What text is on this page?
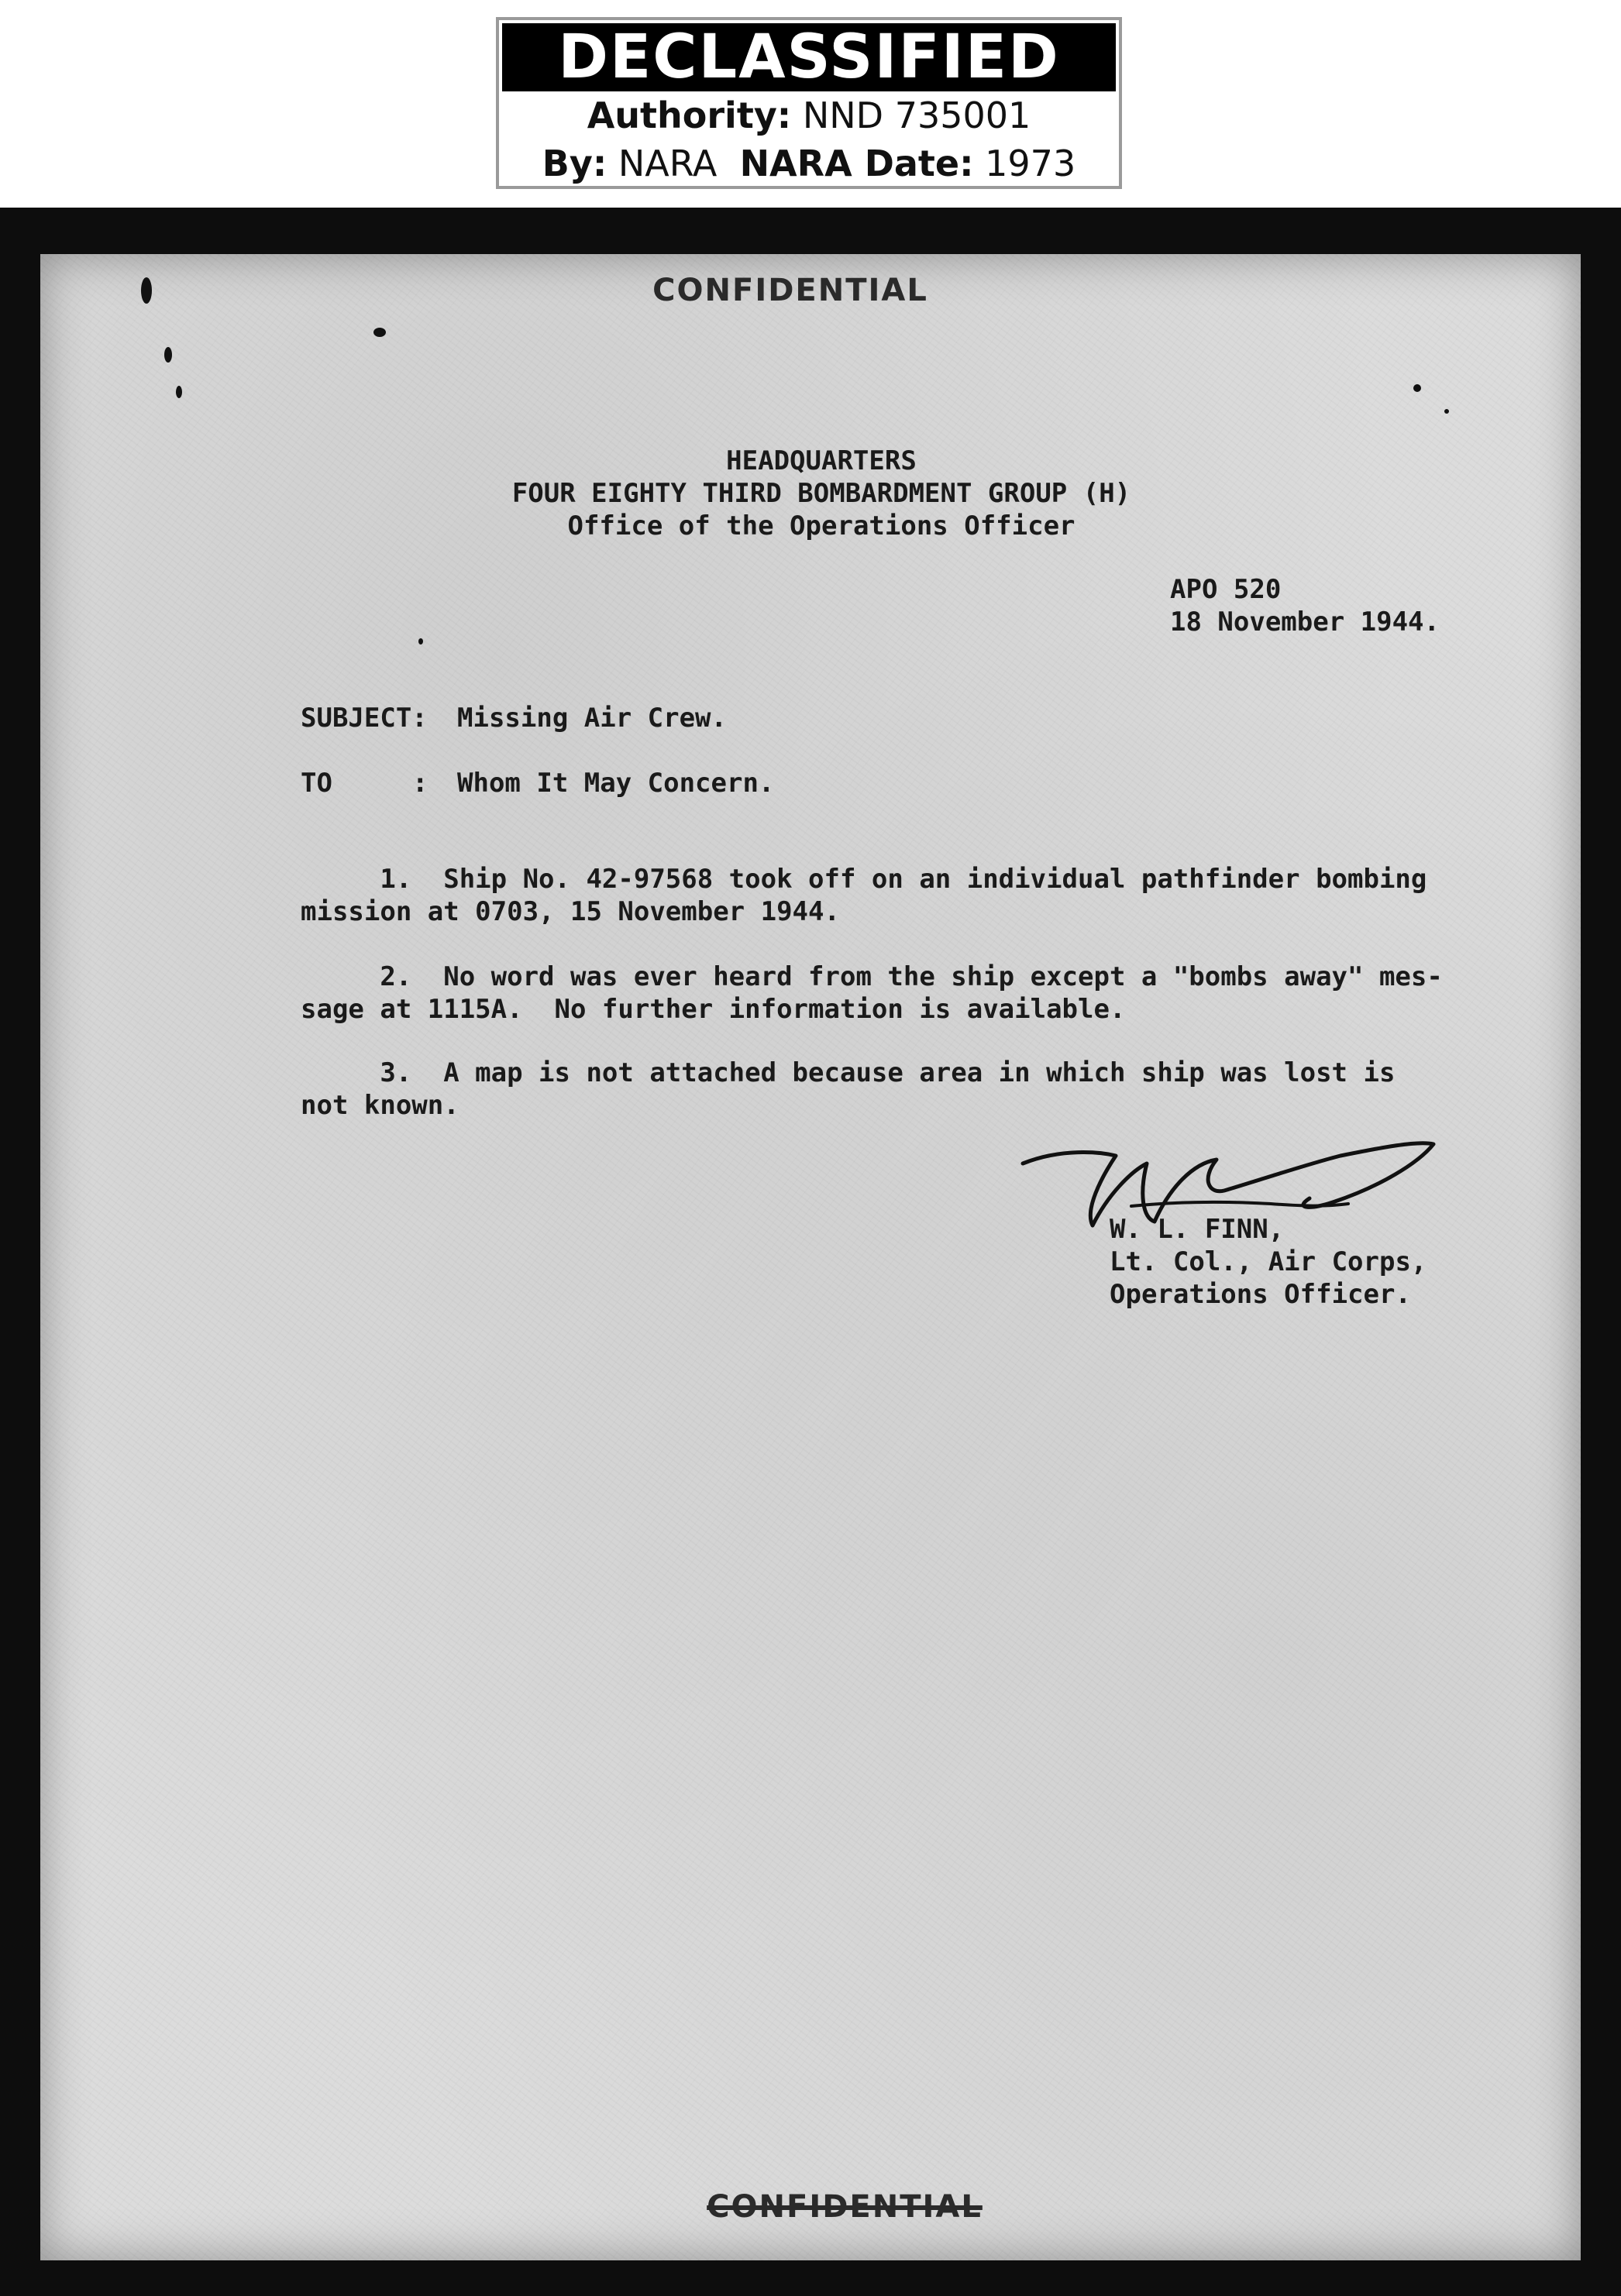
DECLASSIFIED
Authority: NND 735001
By: NARA NARA Date: 1973
CONFIDENTIAL
HEADQUARTERS
FOUR EIGHTY THIRD BOMBARDMENT GROUP (H)
Office of the Operations Officer
APO 520
18 November 1944.
SUBJECT: Missing Air Crew.
TO	: Whom It May Concern.
1.  Ship No. 42-97568 took off on an individual pathfinder bombing
mission at 0703, 15 November 1944.
2.  No word was ever heard from the ship except a "bombs away" mes-
sage at 1115A.  No further information is available.
3.  A map is not attached because area in which ship was lost is
not known.
W. L. FINN,
Lt. Col., Air Corps,
Operations Officer.
CONFIDENTIAL
